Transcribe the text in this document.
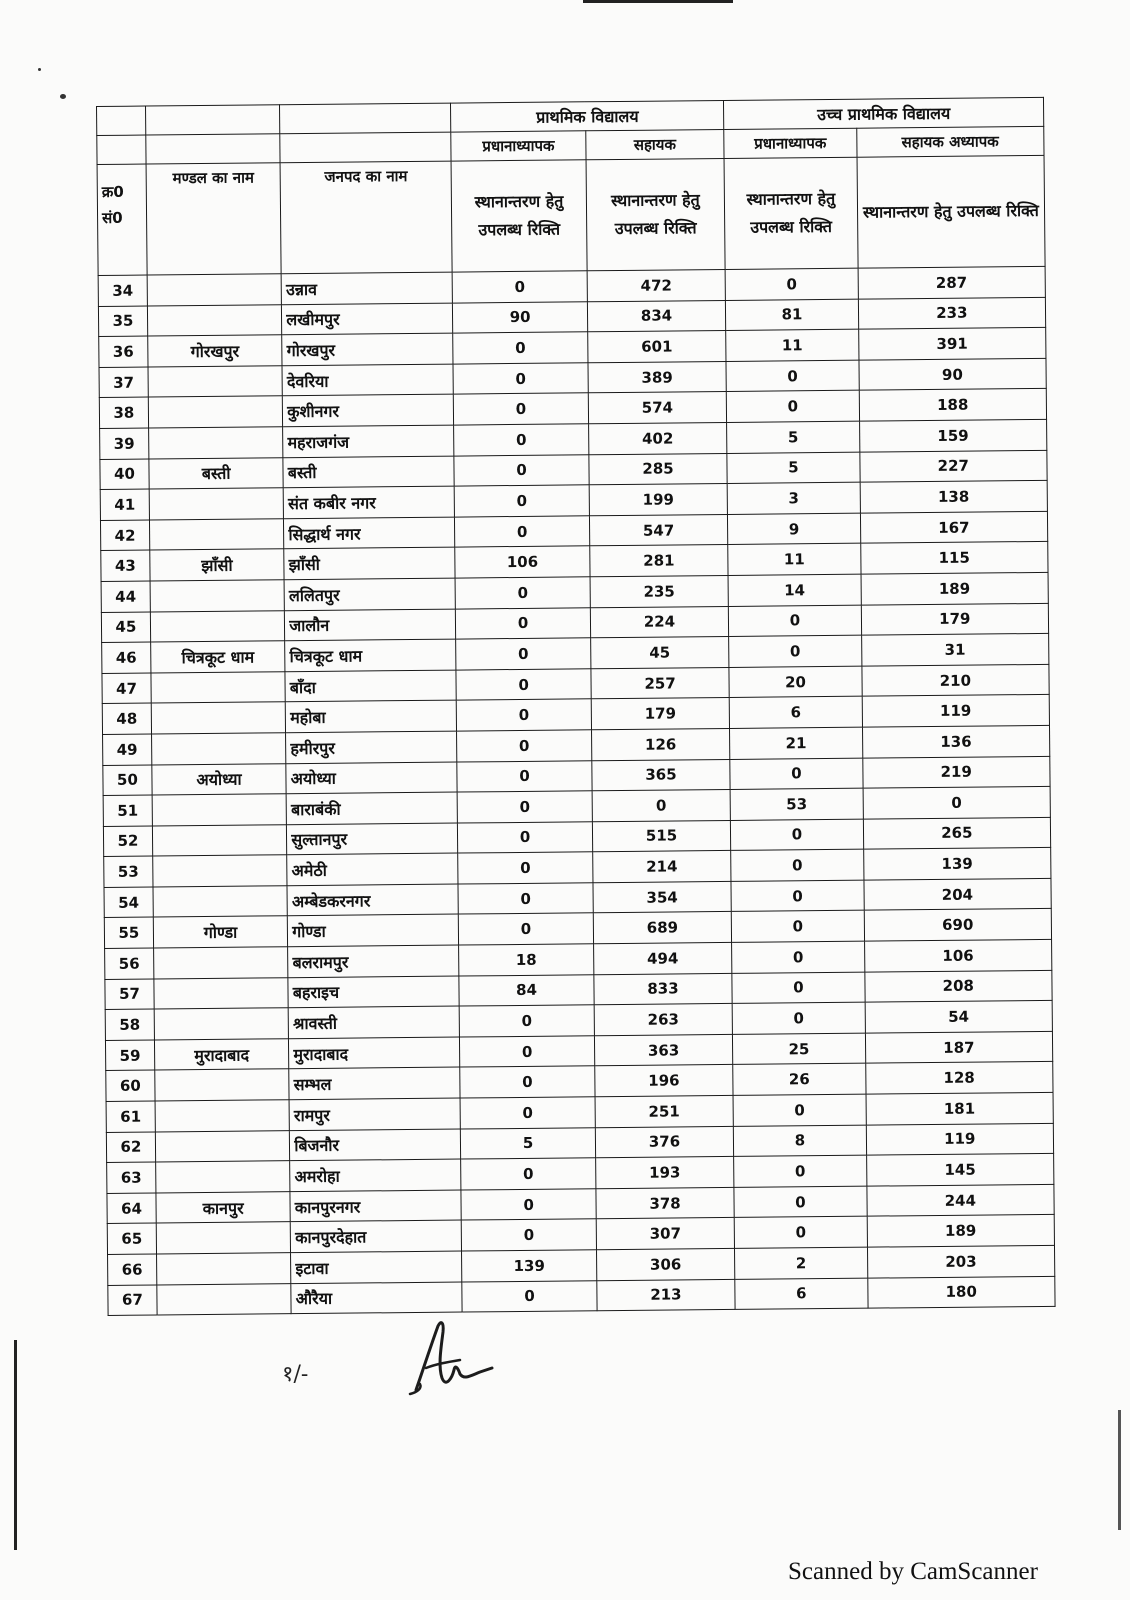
			प्राथमिक विद्यालय		उच्च प्राथमिक विद्यालय	
			प्रधानाध्यापक	सहायक	प्रधानाध्यापक	सहायक अध्यापक
क्र0 सं0	मण्डल का नाम	जनपद का नाम	स्थानान्तरण हेतु उपलब्ध रिक्ति	स्थानान्तरण हेतु उपलब्ध रिक्ति	स्थानान्तरण हेतु उपलब्ध रिक्ति	स्थानान्तरण हेतु उपलब्ध रिक्ति
34		उन्नाव	0	472	0	287
35		लखीमपुर	90	834	81	233
36	गोरखपुर	गोरखपुर	0	601	11	391
37		देवरिया	0	389	0	90
38		कुशीनगर	0	574	0	188
39		महराजगंज	0	402	5	159
40	बस्ती	बस्ती	0	285	5	227
41		संत कबीर नगर	0	199	3	138
42		सिद्धार्थ नगर	0	547	9	167
43	झाँसी	झाँसी	106	281	11	115
44		ललितपुर	0	235	14	189
45		जालौन	0	224	0	179
46	चित्रकूट धाम	चित्रकूट धाम	0	45	0	31
47		बाँदा	0	257	20	210
48		महोबा	0	179	6	119
49		हमीरपुर	0	126	21	136
50	अयोध्या	अयोध्या	0	365	0	219
51		बाराबंकी	0	0	53	0
52		सुल्तानपुर	0	515	0	265
53		अमेठी	0	214	0	139
54		अम्बेडकरनगर	0	354	0	204
55	गोण्डा	गोण्डा	0	689	0	690
56		बलरामपुर	18	494	0	106
57		बहराइच	84	833	0	208
58		श्रावस्ती	0	263	0	54
59	मुरादाबाद	मुरादाबाद	0	363	25	187
60		सम्भल	0	196	26	128
61		रामपुर	0	251	0	181
62		बिजनौर	5	376	8	119
63		अमरोहा	0	193	0	145
64	कानपुर	कानपुरनगर	0	378	0	244
65		कानपुरदेहात	0	307	0	189
66		इटावा	139	306	2	203
67		औरैया	0	213	6	180
१/-
Scanned by CamScanner
